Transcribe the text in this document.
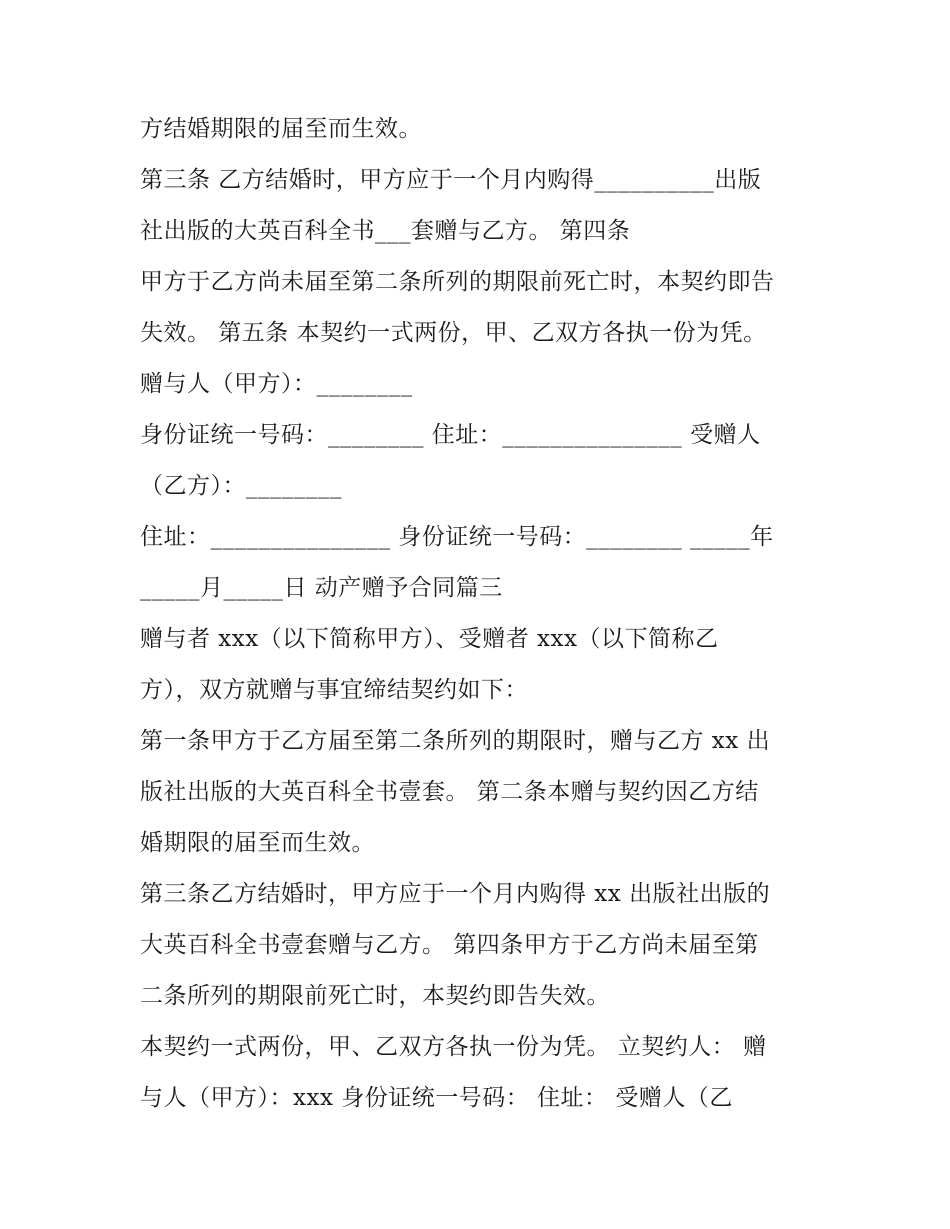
方结婚期限的届至而生效。
第三条 乙方结婚时，甲方应于一个月内购得__________出版
社出版的大英百科全书___套赠与乙方。 第四条
甲方于乙方尚未届至第二条所列的期限前死亡时，本契约即告
失效。 第五条 本契约一式两份，甲、乙双方各执一份为凭。
赠与人（甲方）：________
身份证统一号码：________ 住址：_______________ 受赠人
（乙方）：________
住址：_______________ 身份证统一号码：________ _____年
_____月_____日 动产赠予合同篇三
赠与者 xxx（以下简称甲方）、受赠者 xxx（以下简称乙
方），双方就赠与事宜缔结契约如下：
第一条甲方于乙方届至第二条所列的期限时，赠与乙方 xx 出
版社出版的大英百科全书壹套。 第二条本赠与契约因乙方结
婚期限的届至而生效。
第三条乙方结婚时，甲方应于一个月内购得 xx 出版社出版的
大英百科全书壹套赠与乙方。 第四条甲方于乙方尚未届至第
二条所列的期限前死亡时，本契约即告失效。
本契约一式两份，甲、乙双方各执一份为凭。 立契约人： 赠
与人（甲方）：xxx 身份证统一号码： 住址： 受赠人（乙
